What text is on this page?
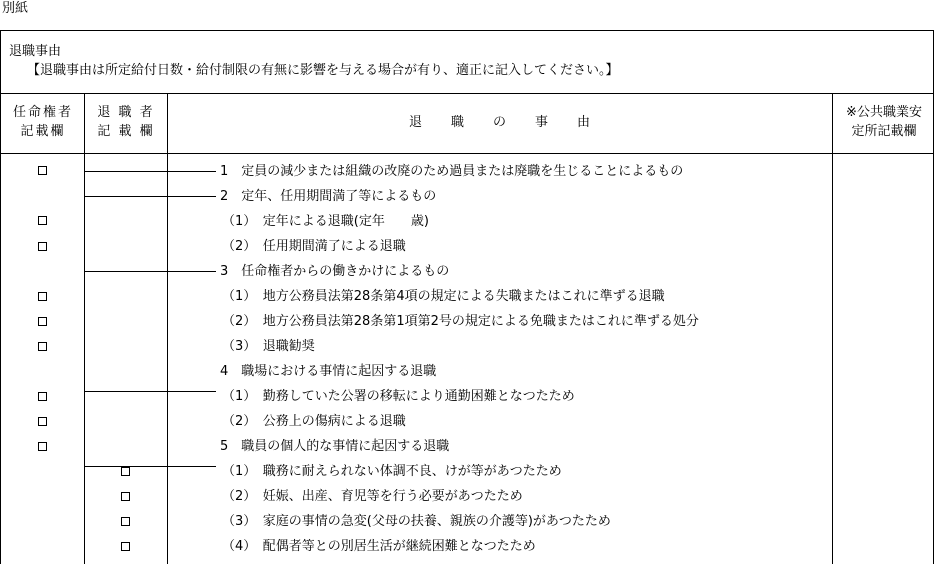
別紙
退職事由
【退職事由は所定給付日数・給付制限の有無に影響を与える場合が有り、適正に記入してください。】
任命権者
記載欄
退 職 者
記 載 欄
退　　職　　の　　事　　由
※公共職業安
定所記載欄
1　定員の減少または組織の改廃のため過員または廃職を生じることによるもの
2　定年、任用期間満了等によるもの
（1）　定年による退職(定年　　歳)
（2）　任用期間満了による退職
3　任命権者からの働きかけによるもの
（1）　地方公務員法第28条第4項の規定による失職またはこれに準ずる退職
（2）　地方公務員法第28条第1項第2号の規定による免職またはこれに準ずる処分
（3）　退職勧奨
4　職場における事情に起因する退職
（1）　勤務していた公署の移転により通勤困難となつたため
（2）　公務上の傷病による退職
5　職員の個人的な事情に起因する退職
（1）　職務に耐えられない体調不良、けが等があつたため
（2）　妊娠、出産、育児等を行う必要があつたため
（3）　家庭の事情の急変(父母の扶養、親族の介護等)があつたため
（4）　配偶者等との別居生活が継続困難となつたため
